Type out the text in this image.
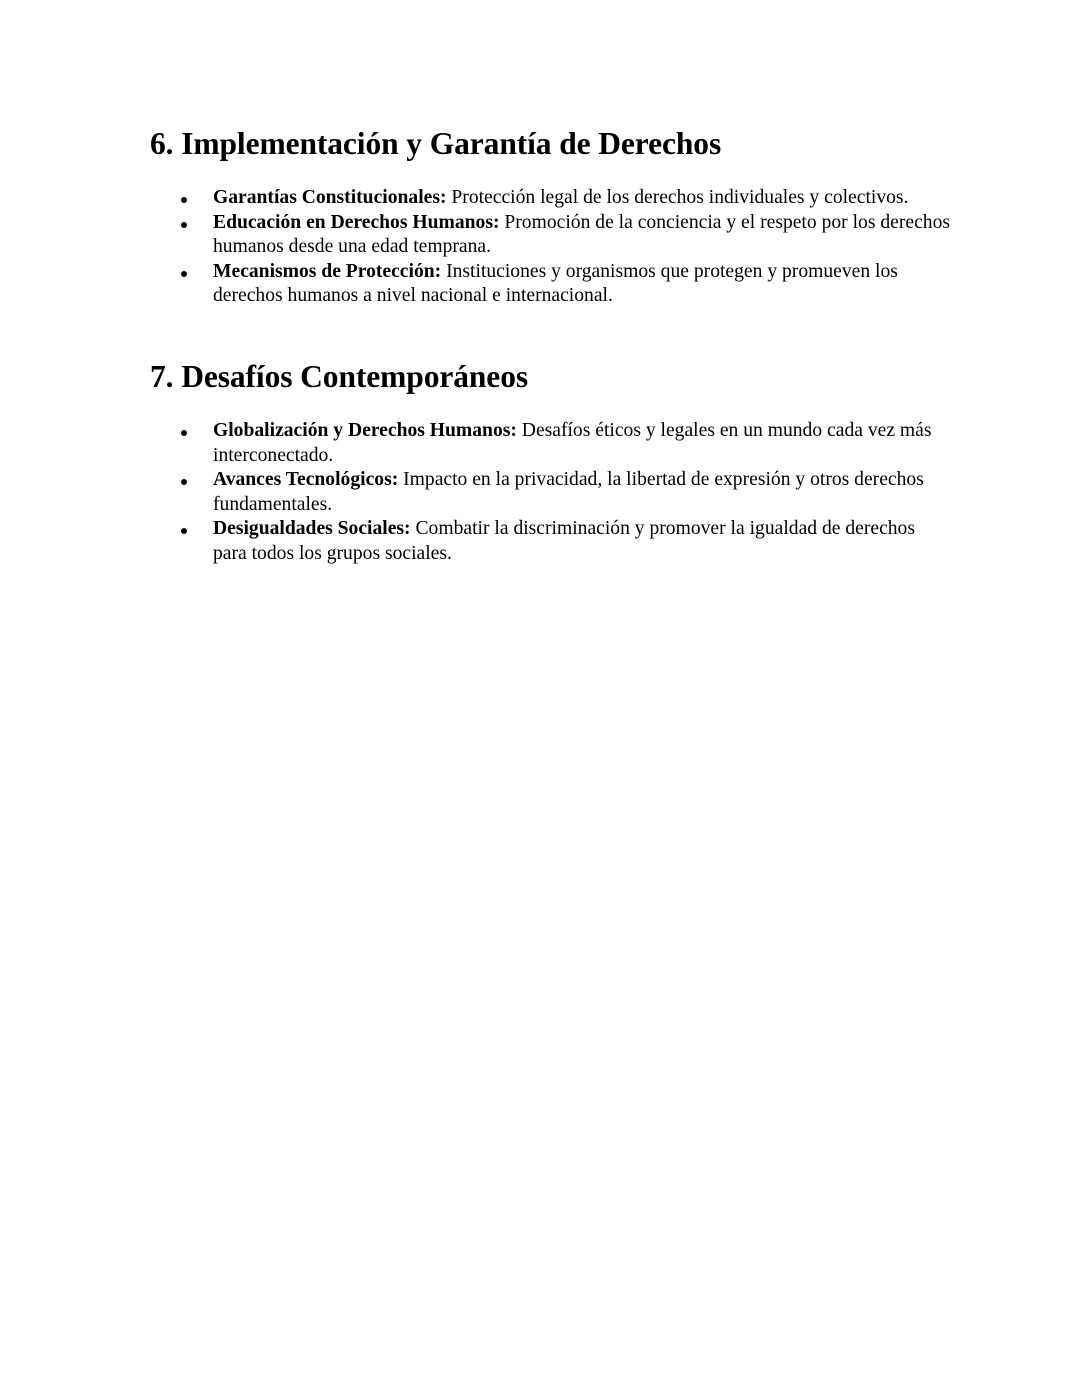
6. Implementación y Garantía de Derechos
Garantías Constitucionales: Protección legal de los derechos individuales y colectivos.
Educación en Derechos Humanos: Promoción de la conciencia y el respeto por los derechos humanos desde una edad temprana.
Mecanismos de Protección: Instituciones y organismos que protegen y promueven los derechos humanos a nivel nacional e internacional.
7. Desafíos Contemporáneos
Globalización y Derechos Humanos: Desafíos éticos y legales en un mundo cada vez más interconectado.
Avances Tecnológicos: Impacto en la privacidad, la libertad de expresión y otros derechos fundamentales.
Desigualdades Sociales: Combatir la discriminación y promover la igualdad de derechos para todos los grupos sociales.
